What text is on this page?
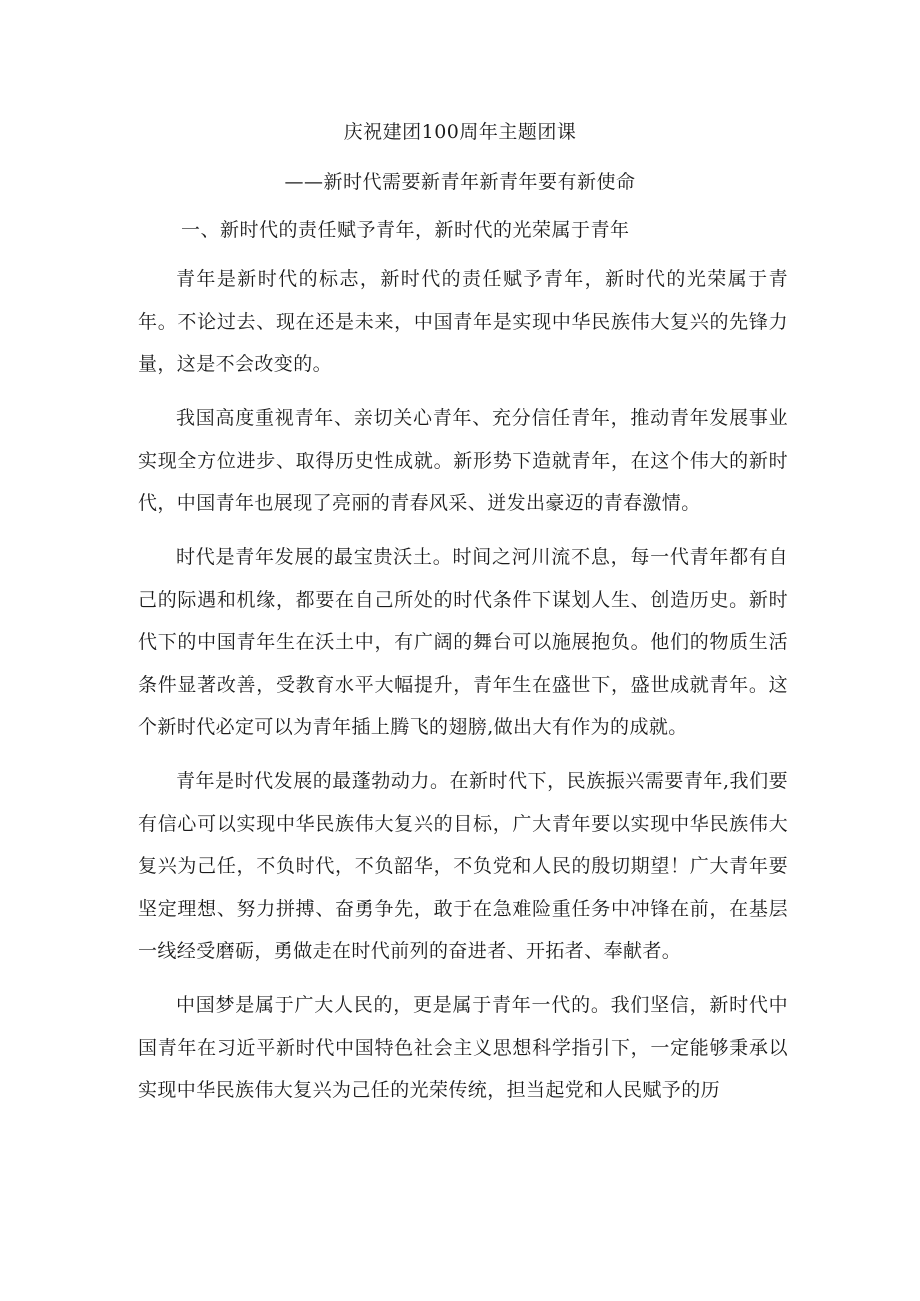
庆祝建团100周年主题团课
——新时代需要新青年新青年要有新使命
一、新时代的责任赋予青年，新时代的光荣属于青年

青年是新时代的标志，新时代的责任赋予青年，新时代的光荣属于青年。不论过去、现在还是未来，中国青年是实现中华民族伟大复兴的先锋力量，这是不会改变的。

我国高度重视青年、亲切关心青年、充分信任青年，推动青年发展事业实现全方位进步、取得历史性成就。新形势下造就青年，在这个伟大的新时代，中国青年也展现了亮丽的青春风采、迸发出豪迈的青春激情。

时代是青年发展的最宝贵沃土。时间之河川流不息，每一代青年都有自己的际遇和机缘，都要在自己所处的时代条件下谋划人生、创造历史。新时代下的中国青年生在沃土中，有广阔的舞台可以施展抱负。他们的物质生活条件显著改善，受教育水平大幅提升，青年生在盛世下，盛世成就青年。这个新时代必定可以为青年插上腾飞的翅膀,做出大有作为的成就。

青年是时代发展的最蓬勃动力。在新时代下，民族振兴需要青年,我们要有信心可以实现中华民族伟大复兴的目标，广大青年要以实现中华民族伟大复兴为己任，不负时代，不负韶华，不负党和人民的殷切期望！广大青年要坚定理想、努力拼搏、奋勇争先，敢于在急难险重任务中冲锋在前，在基层一线经受磨砺，勇做走在时代前列的奋进者、开拓者、奉献者。

中国梦是属于广大人民的，更是属于青年一代的。我们坚信，新时代中国青年在习近平新时代中国特色社会主义思想科学指引下，一定能够秉承以实现中华民族伟大复兴为己任的光荣传统，担当起党和人民赋予的历
